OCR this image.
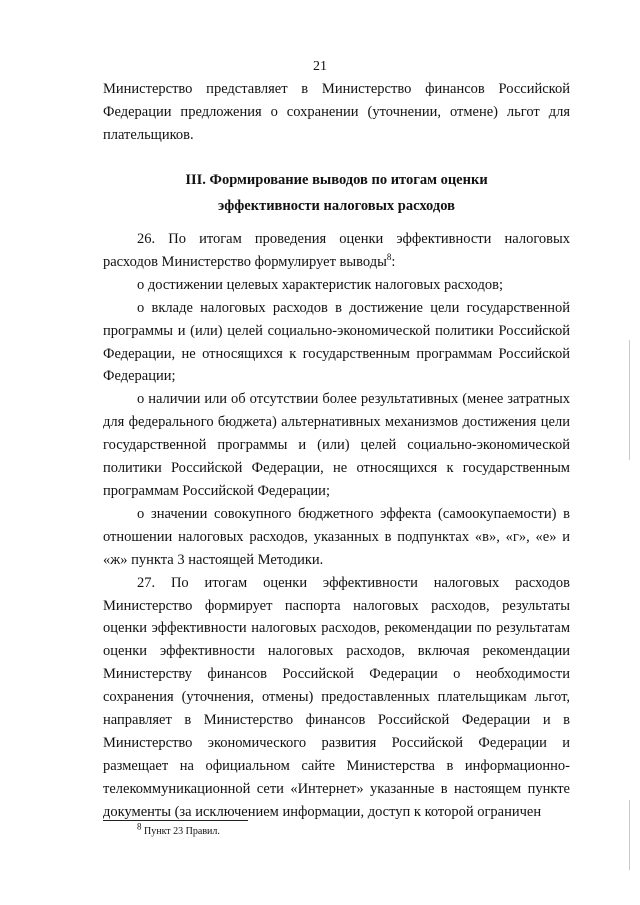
21

Министерство представляет в Министерство финансов Российской Федерации предложения о сохранении (уточнении, отмене) льгот для плательщиков.

III. Формирование выводов по итогам оценки
эффективности налоговых расходов

26. По итогам проведения оценки эффективности налоговых расходов Министерство формулирует выводы$^8$:

о достижении целевых характеристик налоговых расходов;

о вкладе налоговых расходов в достижение цели государственной программы и (или) целей социально-экономической политики Российской Федерации, не относящихся к государственным программам Российской Федерации;

о наличии или об отсутствии более результативных (менее затратных для федерального бюджета) альтернативных механизмов достижения цели государственной программы и (или) целей социально-экономической политики Российской Федерации, не относящихся к государственным программам Российской Федерации;

о значении совокупного бюджетного эффекта (самоокупаемости) в отношении налоговых расходов, указанных в подпунктах «в», «г», «е» и «ж» пункта 3 настоящей Методики.

27. По итогам оценки эффективности налоговых расходов Министерство формирует паспорта налоговых расходов, результаты оценки эффективности налоговых расходов, рекомендации по результатам оценки эффективности налоговых расходов, включая рекомендации Министерству финансов Российской Федерации о необходимости сохранения (уточнения, отмены) предоставленных плательщикам льгот, направляет в Министерство финансов Российской Федерации и в Министерство экономического развития Российской Федерации и размещает на официальном сайте Министерства в информационно-телекоммуникационной сети «Интернет» указанные в настоящем пункте документы (за исключением информации, доступ к которой ограничен

$^8$ Пункт 23 Правил.
